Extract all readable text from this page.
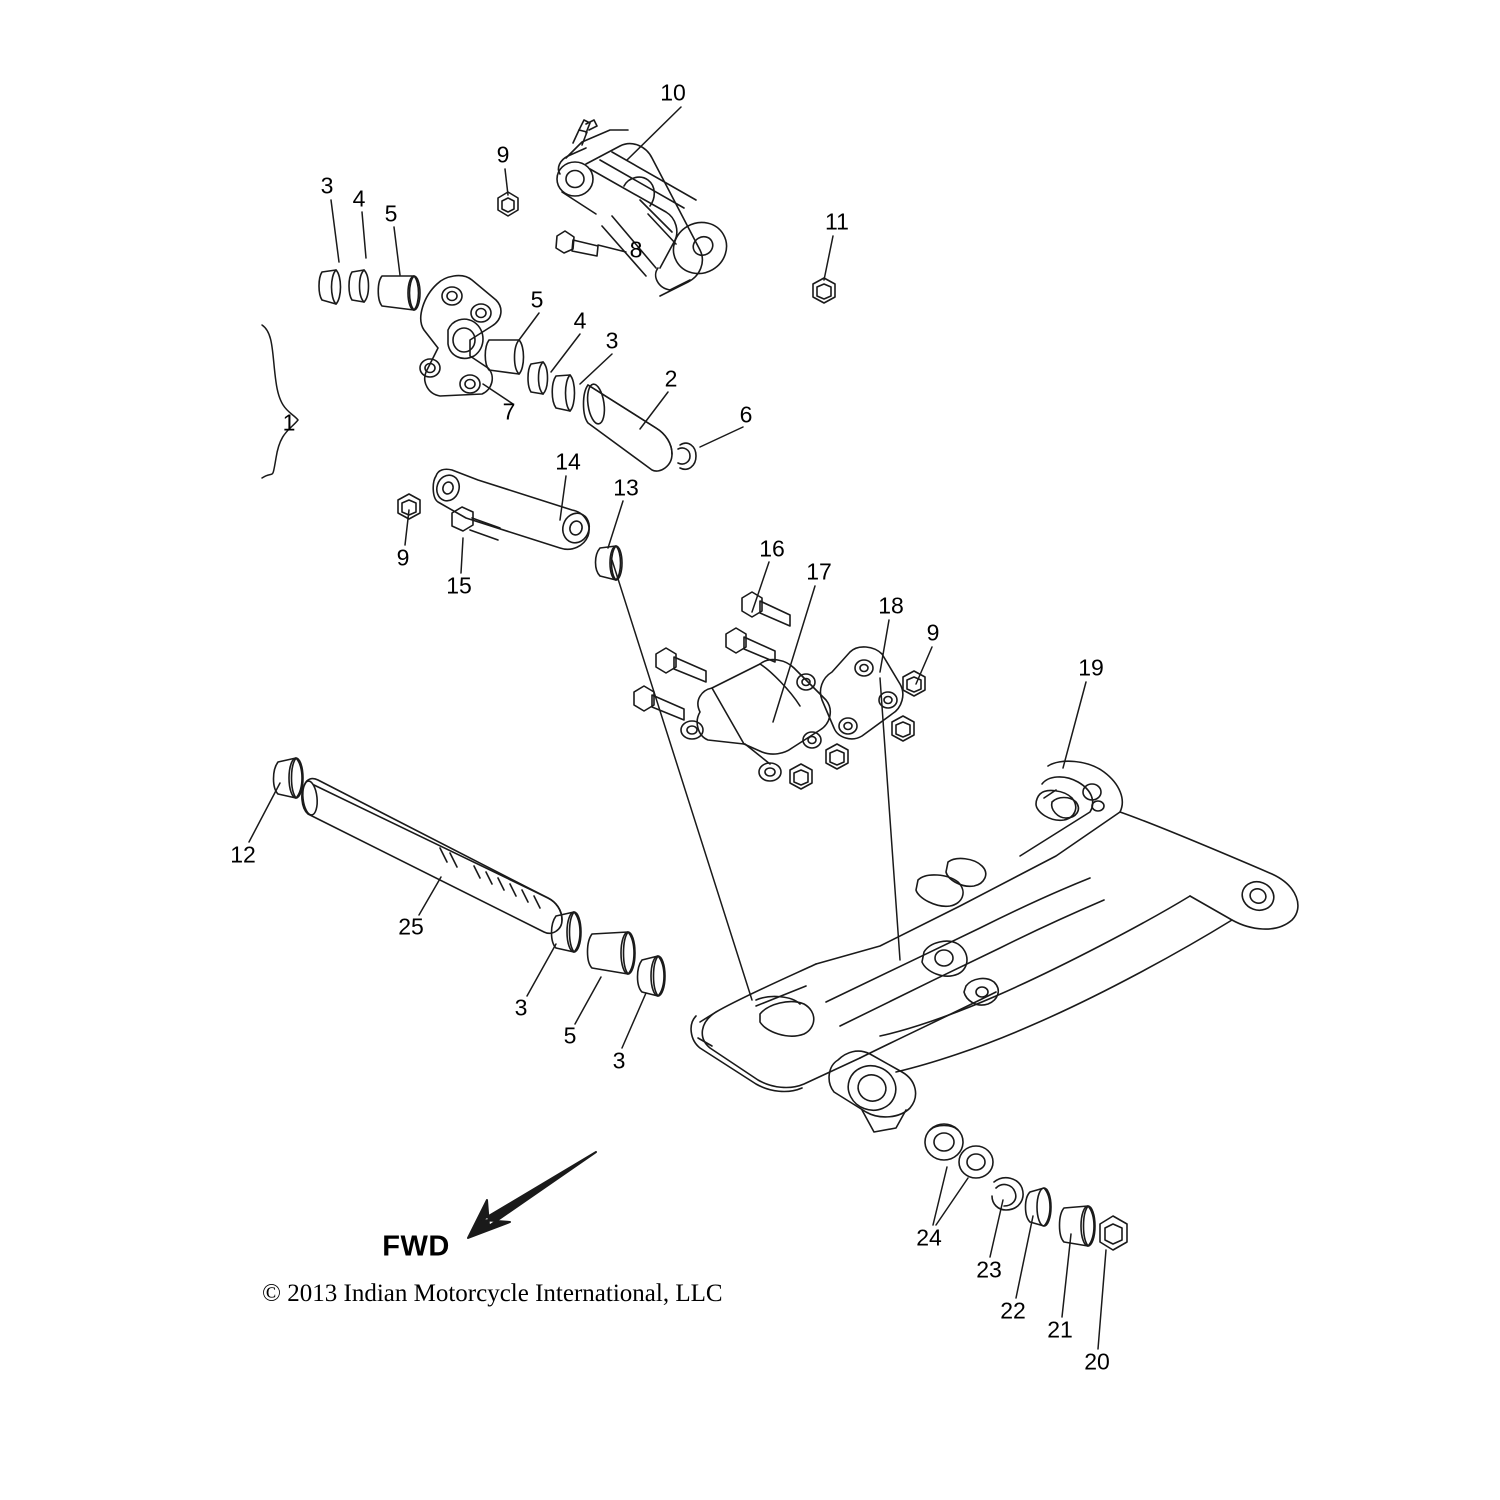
10
9
3 4
5	11
8
5
4
3
2
6
1	7
14
13
9
15
16
17
18
9
19
12
25
3
5
3
24
23
22
21
20
FWD
© 2013 Indian Motorcycle International, LLC
